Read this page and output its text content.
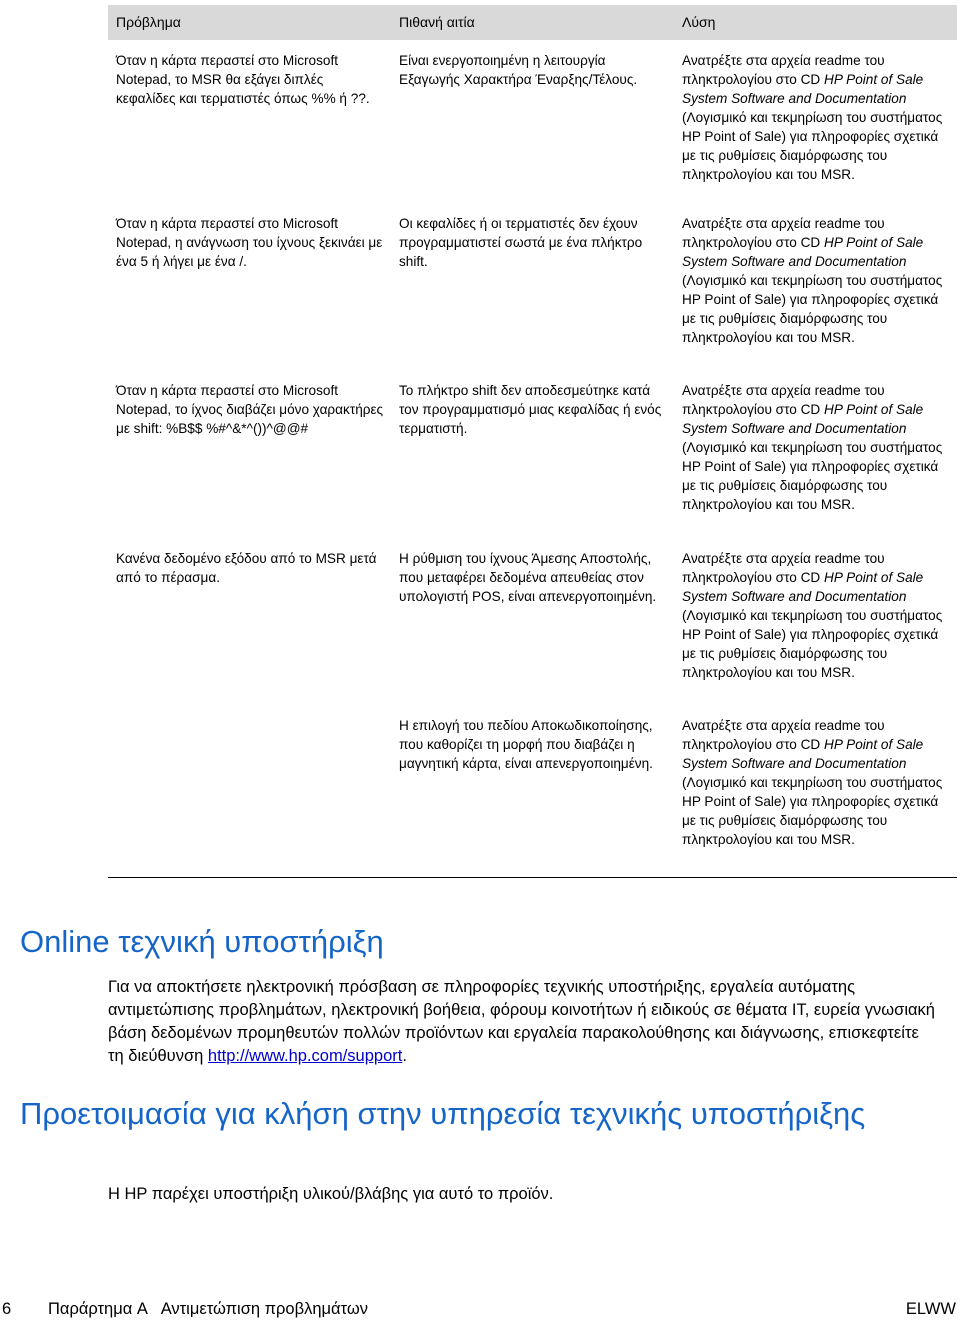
Πρόβλημα	Πιθανή αιτία	Λύση
Όταν η κάρτα περαστεί στο Microsoft Notepad, το MSR θα εξάγει διπλές κεφαλίδες και τερματιστές όπως %% ή ??.	Είναι ενεργοποιημένη η λειτουργία Εξαγωγής Χαρακτήρα Έναρξης/Τέλους.	Ανατρέξτε στα αρχεία readme του πληκτρολογίου στο CD HP Point of Sale System Software and Documentation (Λογισμικό και τεκμηρίωση του συστήματος HP Point of Sale) για πληροφορίες σχετικά με τις ρυθμίσεις διαμόρφωσης του πληκτρολογίου και του MSR.
Όταν η κάρτα περαστεί στο Microsoft Notepad, η ανάγνωση του ίχνους ξεκινάει με ένα 5 ή λήγει με ένα /.	Οι κεφαλίδες ή οι τερματιστές δεν έχουν προγραμματιστεί σωστά με ένα πλήκτρο shift.	Ανατρέξτε στα αρχεία readme του πληκτρολογίου στο CD HP Point of Sale System Software and Documentation (Λογισμικό και τεκμηρίωση του συστήματος HP Point of Sale) για πληροφορίες σχετικά με τις ρυθμίσεις διαμόρφωσης του πληκτρολογίου και του MSR.
Όταν η κάρτα περαστεί στο Microsoft Notepad, το ίχνος διαβάζει μόνο χαρακτήρες με shift: %B$$ %#^&*^())^@@#	Το πλήκτρο shift δεν αποδεσμεύτηκε κατά τον προγραμματισμό μιας κεφαλίδας ή ενός τερματιστή.	Ανατρέξτε στα αρχεία readme του πληκτρολογίου στο CD HP Point of Sale System Software and Documentation (Λογισμικό και τεκμηρίωση του συστήματος HP Point of Sale) για πληροφορίες σχετικά με τις ρυθμίσεις διαμόρφωσης του πληκτρολογίου και του MSR.
Κανένα δεδομένο εξόδου από το MSR μετά από το πέρασμα.	Η ρύθμιση του ίχνους Άμεσης Αποστολής, που μεταφέρει δεδομένα απευθείας στον υπολογιστή POS, είναι απενεργοποιημένη.	Ανατρέξτε στα αρχεία readme του πληκτρολογίου στο CD HP Point of Sale System Software and Documentation (Λογισμικό και τεκμηρίωση του συστήματος HP Point of Sale) για πληροφορίες σχετικά με τις ρυθμίσεις διαμόρφωσης του πληκτρολογίου και του MSR.
	Η επιλογή του πεδίου Αποκωδικοποίησης, που καθορίζει τη μορφή που διαβάζει η μαγνητική κάρτα, είναι απενεργοποιημένη.	Ανατρέξτε στα αρχεία readme του πληκτρολογίου στο CD HP Point of Sale System Software and Documentation (Λογισμικό και τεκμηρίωση του συστήματος HP Point of Sale) για πληροφορίες σχετικά με τις ρυθμίσεις διαμόρφωσης του πληκτρολογίου και του MSR.
Online τεχνική υποστήριξη

Για να αποκτήσετε ηλεκτρονική πρόσβαση σε πληροφορίες τεχνικής υποστήριξης, εργαλεία αυτόματης αντιμετώπισης προβλημάτων, ηλεκτρονική βοήθεια, φόρουμ κοινοτήτων ή ειδικούς σε θέματα IT, ευρεία γνωσιακή βάση δεδομένων προμηθευτών πολλών προϊόντων και εργαλεία παρακολούθησης και διάγνωσης, επισκεφτείτε τη διεύθυνση http://www.hp.com/support.

Προετοιμασία για κλήση στην υπηρεσία τεχνικής υποστήριξης

Η HP παρέχει υποστήριξη υλικού/βλάβης για αυτό το προϊόν.

6 Παράρτημα A   Αντιμετώπιση προβλημάτων	ELWW
